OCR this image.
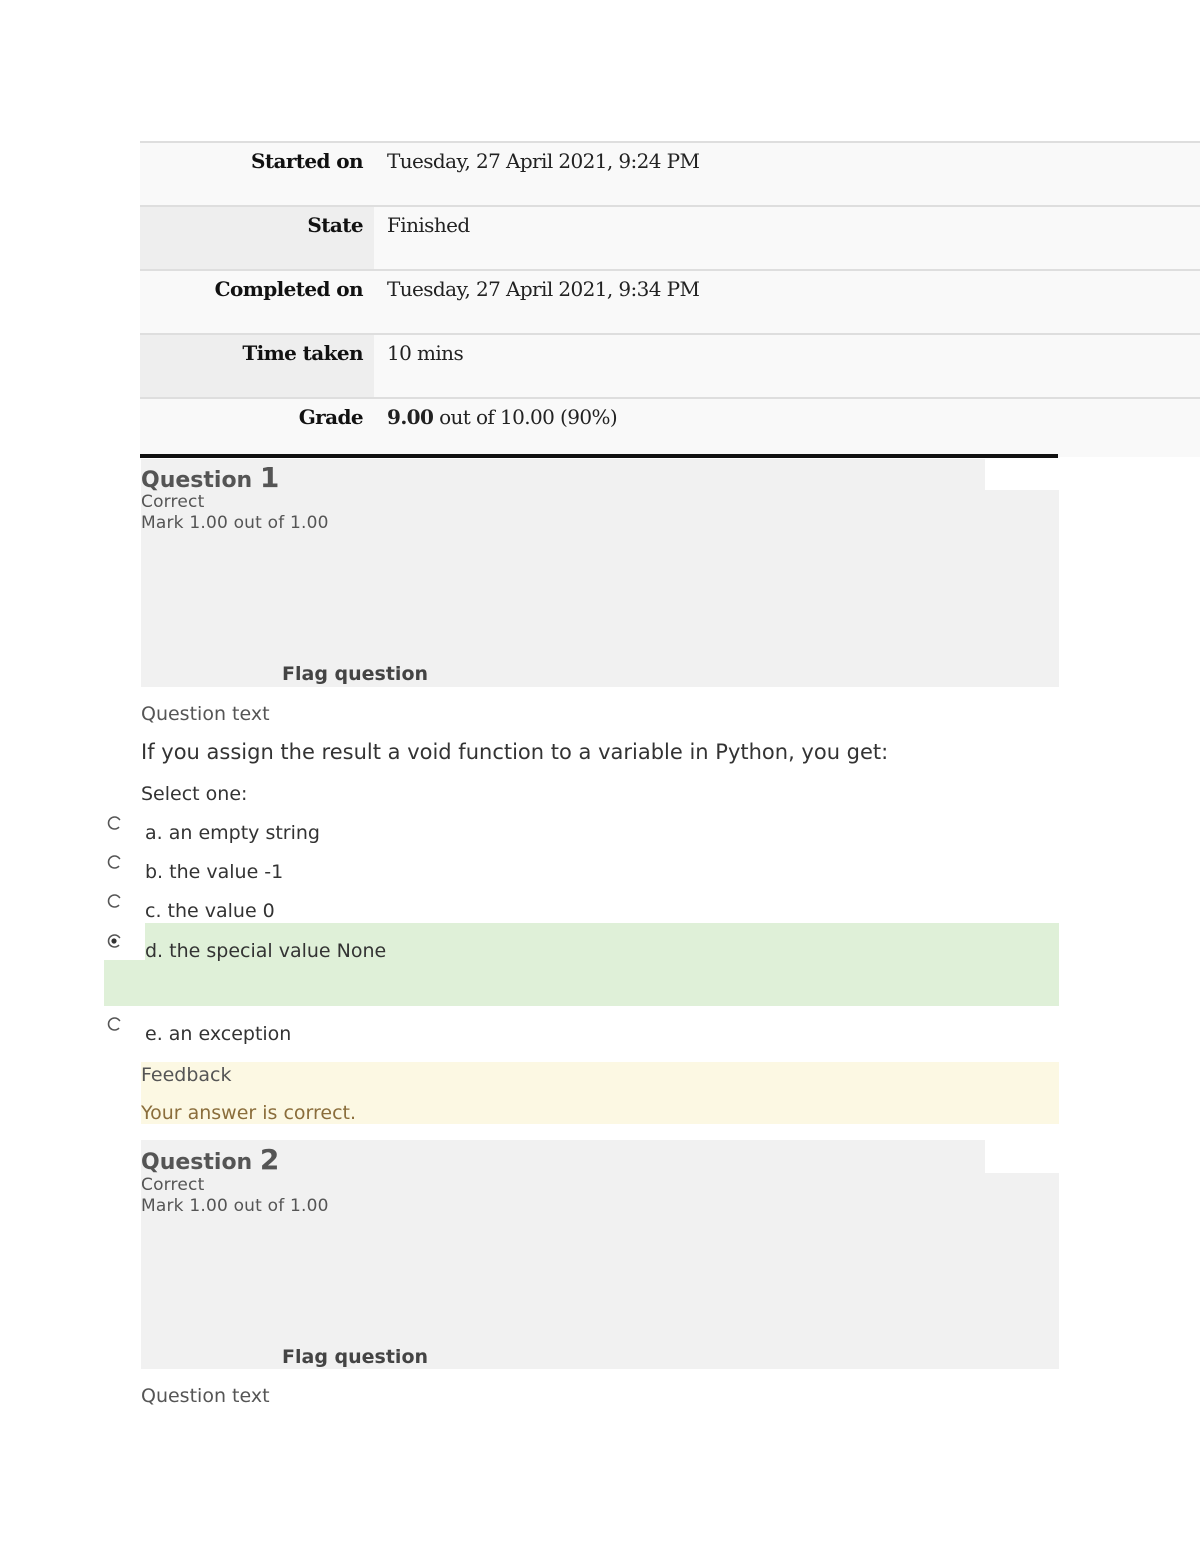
Started on	Tuesday, 27 April 2021, 9:24 PM
State	Finished
Completed on	Tuesday, 27 April 2021, 9:34 PM
Time taken	10 mins
Grade	9.00 out of 10.00 (90%)
Question 1
Correct
Mark 1.00 out of 1.00
Flag question
Question text
If you assign the result a void function to a variable in Python, you get:
Select one:
a. an empty string
b. the value -1
c. the value 0
d. the special value None
e. an exception
Feedback
Your answer is correct.
Question 2
Correct
Mark 1.00 out of 1.00
Flag question
Question text
